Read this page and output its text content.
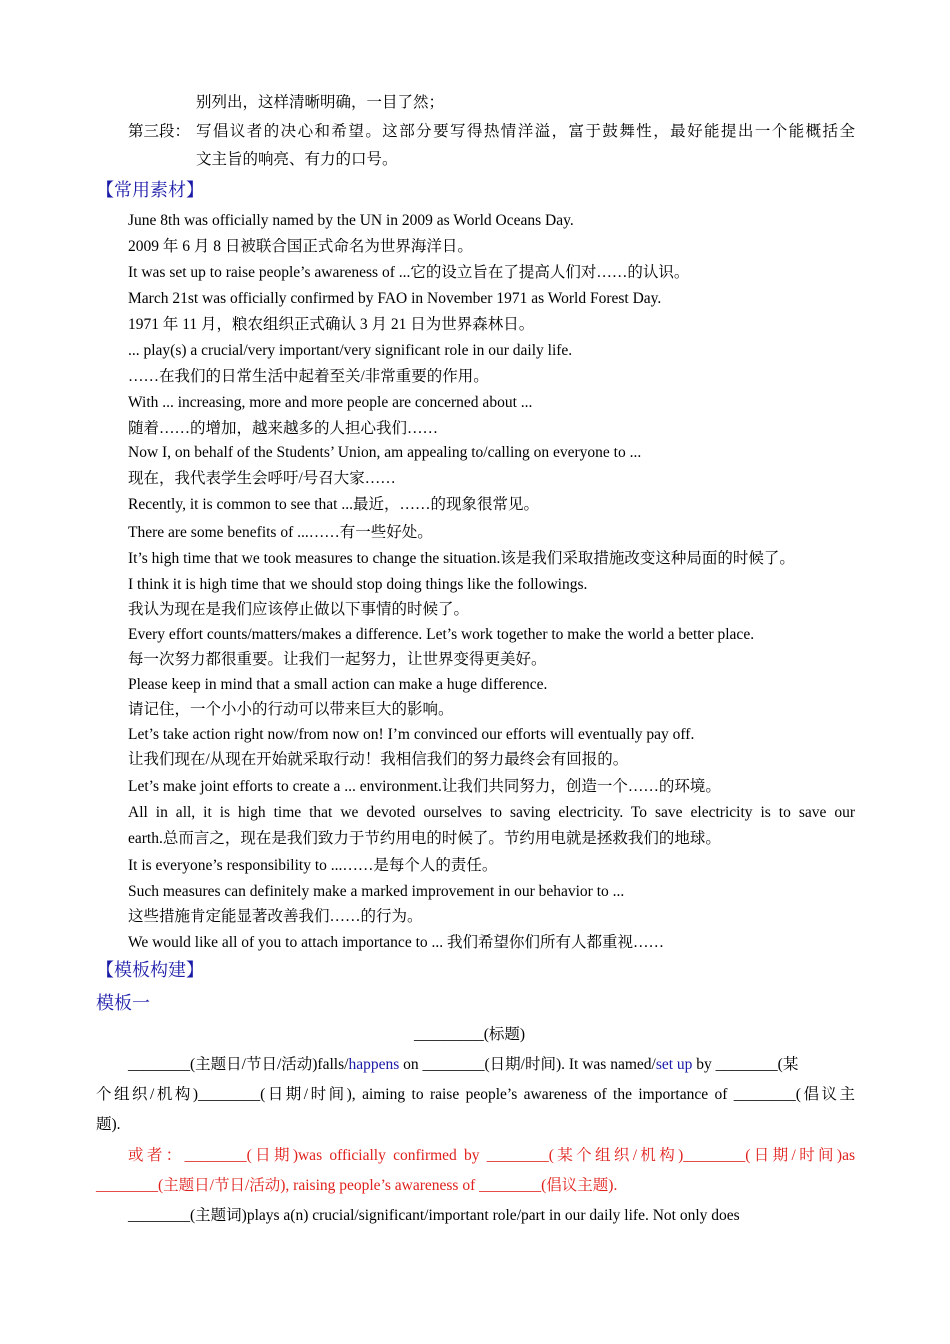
别列出，这样清晰明确，一目了然；
第三段： 写倡议者的决心和希望。这部分要写得热情洋溢，富于鼓舞性，最好能提出一个能概括全
文主旨的响亮、有力的口号。
【常用素材】
June 8th was officially named by the UN in 2009 as World Oceans Day.
2009 年 6 月 8 日被联合国正式命名为世界海洋日。
It was set up to raise people’s awareness of ...它的设立旨在了提高人们对……的认识。
March 21st was officially confirmed by FAO in November 1971 as World Forest Day.
1971 年 11 月，粮农组织正式确认 3 月 21 日为世界森林日。
... play(s) a crucial/very important/very significant role in our daily life.
……在我们的日常生活中起着至关/非常重要的作用。
With ... increasing, more and more people are concerned about ...
随着……的增加，越来越多的人担心我们……
Now I, on behalf of the Students’ Union, am appealing to/calling on everyone to ...
现在，我代表学生会呼吁/号召大家……
Recently, it is common to see that ...最近，……的现象很常见。
There are some benefits of ...……有一些好处。
It’s high time that we took measures to change the situation.该是我们采取措施改变这种局面的时候了。
I think it is high time that we should stop doing things like the followings.
我认为现在是我们应该停止做以下事情的时候了。
Every effort counts/matters/makes a difference. Let’s work together to make the world a better place.
每一次努力都很重要。让我们一起努力，让世界变得更美好。
Please keep in mind that a small action can make a huge difference.
请记住，一个小小的行动可以带来巨大的影响。
Let’s take action right now/from now on! I’m convinced our efforts will eventually pay off.
让我们现在/从现在开始就采取行动！我相信我们的努力最终会有回报的。
Let’s make joint efforts to create a ... environment.让我们共同努力，创造一个……的环境。
All in all, it is high time that we devoted ourselves to saving electricity. To save electricity is to save our
earth.总而言之，现在是我们致力于节约用电的时候了。节约用电就是拯救我们的地球。
It is everyone’s responsibility to ...……是每个人的责任。
Such measures can definitely make a marked improvement in our behavior to ...
这些措施肯定能显著改善我们……的行为。
We would like all of you to attach importance to ... 我们希望你们所有人都重视……
【模板构建】
模板一
_________(标题)
________(主题日/节日/活动)falls/happens on ________(日期/时间). It was named/set up by ________(某
个组织/机构)________(日期/时间), aiming to raise people’s awareness of the importance of ________(倡议主
题).
或者：________(日期)was officially confirmed by ________(某个组织/机构)________(日期/时间)as
________(主题日/节日/活动), raising people’s awareness of ________(倡议主题).
________(主题词)plays a(n) crucial/significant/important role/part in our daily life. Not only does
